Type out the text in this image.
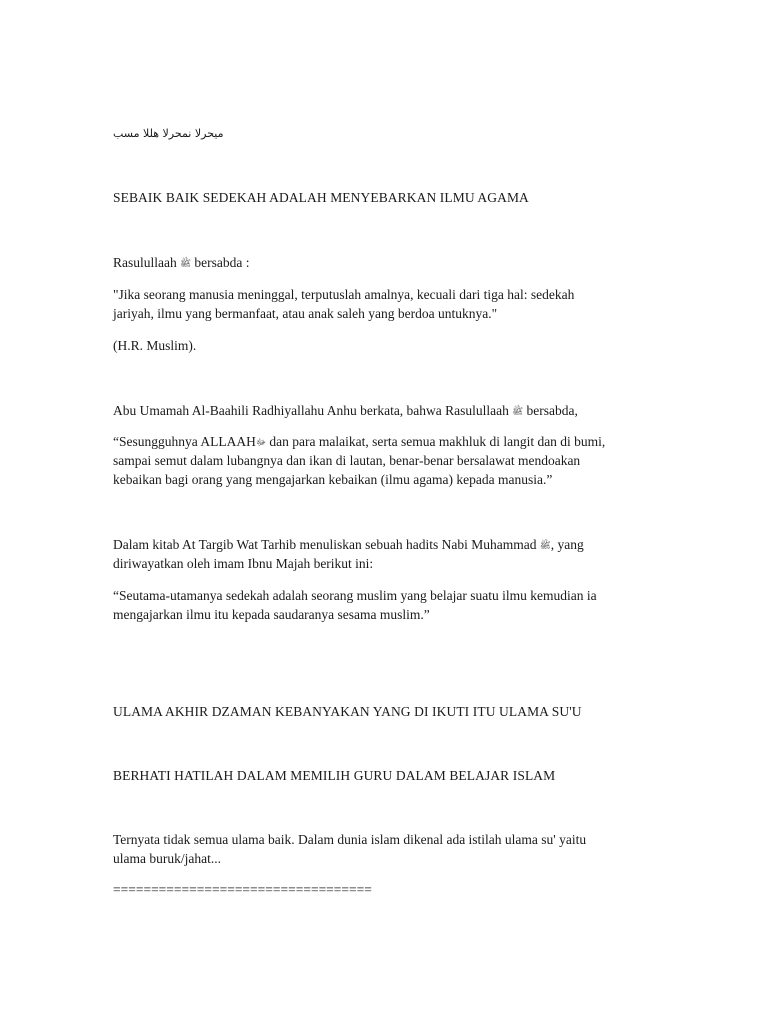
بسم الله الرحمن الرحيم

SEBAIK BAIK SEDEKAH ADALAH MENYEBARKAN ILMU AGAMA

Rasulullaah ﷺ bersabda :

"Jika seorang manusia meninggal, terputuslah amalnya, kecuali dari tiga hal: sedekah

jariyah, ilmu yang bermanfaat, atau anak saleh yang berdoa untuknya."

(H.R. Muslim).

Abu Umamah Al-Baahili Radhiyallahu Anhu berkata, bahwa Rasulullaah ﷺ bersabda,

“Sesungguhnya ALLAAHﷻ dan para malaikat, serta semua makhluk di langit dan di bumi,

sampai semut dalam lubangnya dan ikan di lautan, benar-benar bersalawat mendoakan

kebaikan bagi orang yang mengajarkan kebaikan (ilmu agama) kepada manusia.”

Dalam kitab At Targib Wat Tarhib menuliskan sebuah hadits Nabi Muhammad ﷺ, yang

diriwayatkan oleh imam Ibnu Majah berikut ini:

“Seutama-utamanya sedekah adalah seorang muslim yang belajar suatu ilmu kemudian ia

mengajarkan ilmu itu kepada saudaranya sesama muslim.”

ULAMA AKHIR DZAMAN KEBANYAKAN YANG DI IKUTI ITU ULAMA SU'U

BERHATI HATILAH DALAM MEMILIH GURU DALAM BELAJAR ISLAM

Ternyata tidak semua ulama baik. Dalam dunia islam dikenal ada istilah ulama su' yaitu

ulama buruk/jahat...

==================================
